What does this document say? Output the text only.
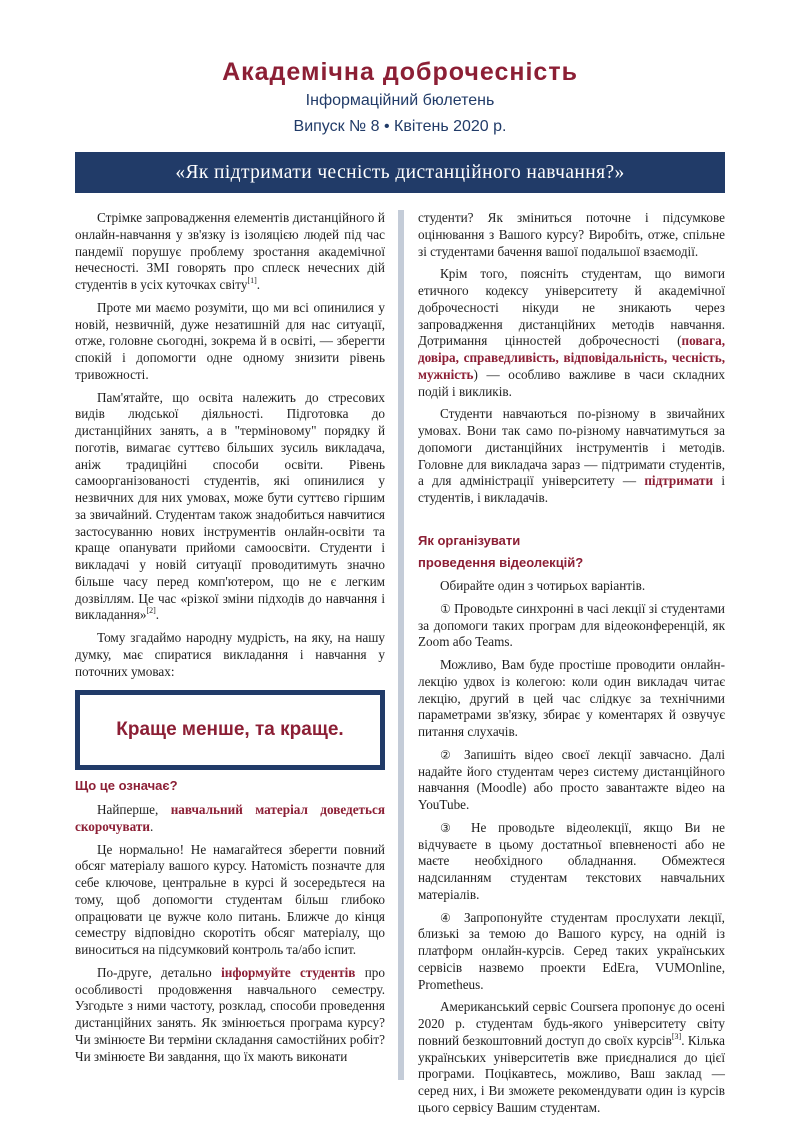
Академічна доброчесність
Інформаційний бюлетень
Випуск № 8 • Квітень 2020 р.
«Як підтримати чесність дистанційного навчання?»

Стрімке запровадження елементів дистанційного й онлайн-навчання у зв'язку із ізоляцією людей під час пандемії порушує проблему зростання академічної нечесності. ЗМІ говорять про сплеск нечесних дій студентів в усіх куточках світу[1].

Проте ми маємо розуміти, що ми всі опинилися у новій, незвичній, дуже незатишній для нас ситуації, отже, головне сьогодні, зокрема й в освіті, — зберегти спокій і допомогти одне одному знизити рівень тривожності.

Пам'ятайте, що освіта належить до стресових видів людської діяльності. Підготовка до дистанційних занять, а в "терміновому" порядку й поготів, вимагає суттєво більших зусиль викладача, аніж традиційні способи освіти. Рівень самоорганізованості студентів, які опинилися у незвичних для них умовах, може бути суттєво гіршим за звичайний. Студентам також знадобиться навчитися застосуванню нових інструментів онлайн-освіти та краще опанувати прийоми самоосвіти. Студенти і викладачі у новій ситуації проводитимуть значно більше часу перед комп'ютером, що не є легким дозвіллям. Це час «різкої зміни підходів до навчання і викладання»[2].

Тому згадаймо народну мудрість, на яку, на нашу думку, має спиратися викладання і навчання у поточних умовах:

Краще менше, та краще.
Що це означає?

Найперше, навчальний матеріал доведеться скорочувати.

Це нормально! Не намагайтеся зберегти повний обсяг матеріалу вашого курсу. Натомість позначте для себе ключове, центральне в курсі й зосередьтеся на тому, щоб допомогти студентам більш глибоко опрацювати це вужче коло питань. Ближче до кінця семестру відповідно скоротіть обсяг матеріалу, що виноситься на підсумковий контроль та/або іспит.

По-друге, детально інформуйте студентів про особливості продовження навчального семестру. Узгодьте з ними частоту, розклад, способи проведення дистанційних занять. Як змінюється програма курсу? Чи змінюєте Ви терміни складання самостійних робіт? Чи змінюєте Ви завдання, що їх мають виконати

студенти? Як зміниться поточне і підсумкове оцінювання з Вашого курсу? Виробіть, отже, спільне зі студентами бачення вашої подальшої взаємодії.

Крім того, поясніть студентам, що вимоги етичного кодексу університету й академічної доброчесності нікуди не зникають через запровадження дистанційних методів навчання. Дотримання цінностей доброчесності (повага, довіра, справедливість, відповідальність, чесність, мужність) — особливо важливе в часи складних подій і викликів.

Студенти навчаються по-різному в звичайних умовах. Вони так само по-різному навчатимуться за допомоги дистанційних інструментів і методів. Головне для викладача зараз — підтримати студентів, а для адміністрації університету — підтримати і студентів, і викладачів.

Як організувати
проведення відеолекцій?

Обирайте один з чотирьох варіантів.

① Проводьте синхронні в часі лекції зі студентами за допомоги таких програм для відеоконференцій, як Zoom або Teams.

Можливо, Вам буде простіше проводити онлайн-лекцію удвох із колегою: коли один викладач читає лекцію, другий в цей час слідкує за технічними параметрами зв'язку, збирає у коментарях й озвучує питання слухачів.

② Запишіть відео своєї лекції завчасно. Далі надайте його студентам через систему дистанційного навчання (Moodle) або просто завантажте відео на YouTube.

③ Не проводьте відеолекції, якщо Ви не відчуваєте в цьому достатньої впевненості або не маєте необхідного обладнання. Обмежтеся надсиланням студентам текстових навчальних матеріалів.

④ Запропонуйте студентам прослухати лекції, близькі за темою до Вашого курсу, на одній із платформ онлайн-курсів. Серед таких українських сервісів назвемо проекти EdEra, VUMOnline, Prometheus.

Американський сервіс Coursera пропонує до осені 2020 р. студентам будь-якого університету світу повний безкоштовний доступ до своїх курсів[3]. Кілька українських університетів вже приєдналися до цієї програми. Поцікавтесь, можливо, Ваш заклад — серед них, і Ви зможете рекомендувати один із курсів цього сервісу Вашим студентам.
